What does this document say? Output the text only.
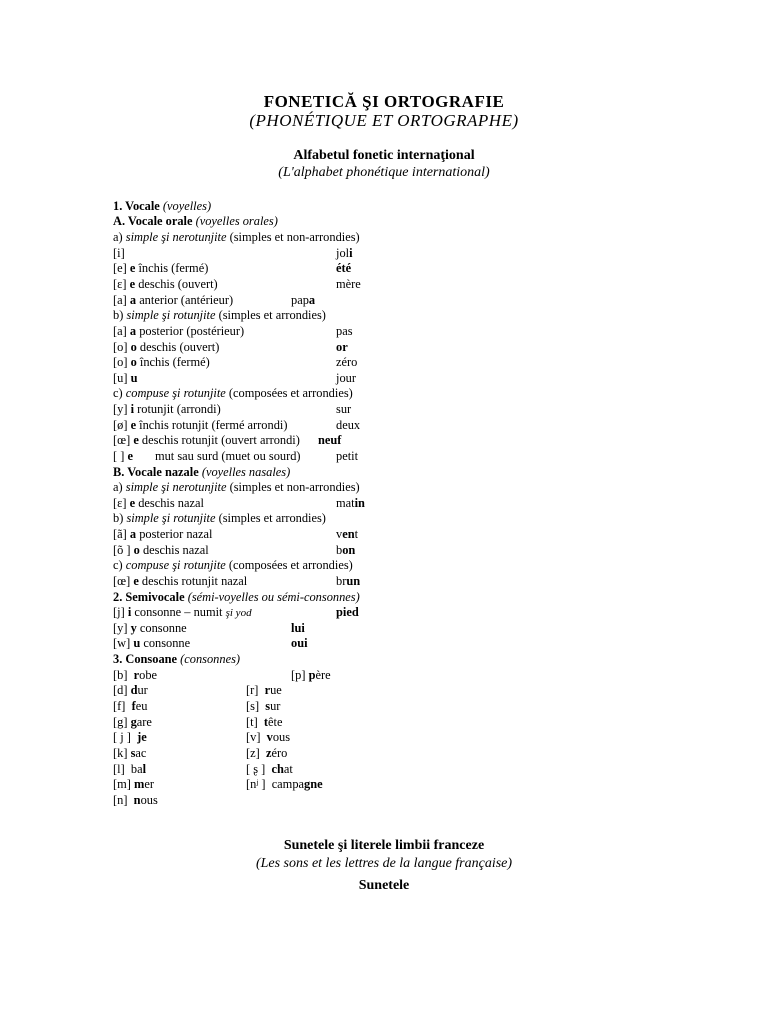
FONETICĂ ŞI ORTOGRAFIE
(PHONÉTIQUE ET ORTOGRAPHE)
Alfabetul fonetic internaţional
(L'alphabet phonétique international)
1. Vocale (voyelles)
A. Vocale orale (voyelles orales)
a) simple şi nerotunjite (simples et non-arrondies)
[i]	joli
[e] e închis (fermé)	été
[ɛ] e deschis (ouvert)	mère
[a] a anterior (antérieur)	papa
b) simple şi rotunjite (simples et arrondies)
[a] a posterior (postérieur)	pas
[o] o deschis (ouvert)	or
[o] o închis (fermé)	zéro
[u] u	jour
c) compuse şi rotunjite (composées et arrondies)
[y] i rotunjit (arrondi)	sur
[ø] e închis rotunjit (fermé arrondi)	deux
[œ] e deschis rotunjit (ouvert arrondi) neuf
[ ] e mut sau surd (muet ou sourd)	petit
B. Vocale nazale (voyelles nasales)
a) simple şi nerotunjite (simples et non-arrondies)
[ɛ] e deschis nazal	matin
b) simple şi rotunjite (simples et arrondies)
[ã] a posterior nazal	vent
[õ ] o deschis nazal	bon
c) compuse şi rotunjite (composées et arrondies)
[œ] e deschis rotunjit nazal	brun
2. Semivocale (sémi-voyelles ou sémi-consonnes)
[j] i consonne – numit şi yod	pied
[y] y consonne	lui
[w] u consonne	oui
3. Consoane (consonnes)
[b] robe	[p] père
[d] dur	[r] rue
[f] feu	[s] sur
[g] gare	[t] tête
[ j ] je	[v] vous
[k] sac	[z] zéro
[l] bal	[ ʂ ] chat
[m] mer	[nʲ ] campagne
[n] nous
Sunetele şi literele limbii franceze
(Les sons et les lettres de la langue française)
Sunetele
